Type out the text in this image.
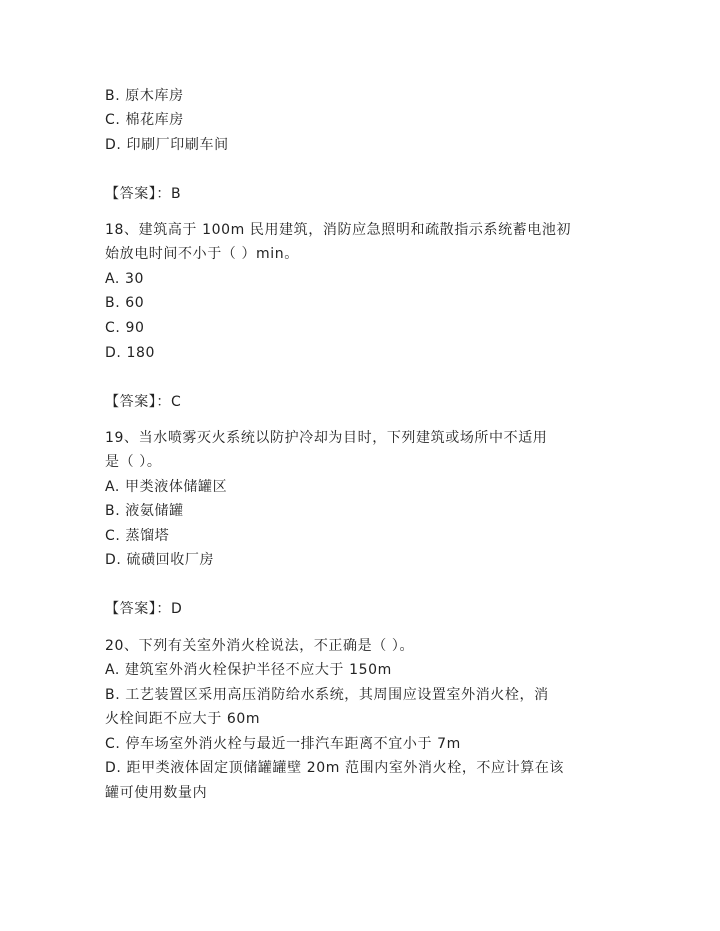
B. 原木库房
C. 棉花库房
D. 印刷厂印刷车间
【答案】：B
18、建筑高于 100m 民用建筑，消防应急照明和疏散指示系统蓄电池初
始放电时间不小于（ ）min。
A. 30
B. 60
C. 90
D. 180
【答案】：C
19、当水喷雾灭火系统以防护冷却为目时，下列建筑或场所中不适用
是（ ）。
A. 甲类液体储罐区
B. 液氨储罐
C. 蒸馏塔
D. 硫磺回收厂房
【答案】：D
20、下列有关室外消火栓说法，不正确是（ ）。
A. 建筑室外消火栓保护半径不应大于 150m
B. 工艺装置区采用高压消防给水系统，其周围应设置室外消火栓，消
火栓间距不应大于 60m
C. 停车场室外消火栓与最近一排汽车距离不宜小于 7m
D. 距甲类液体固定顶储罐罐壁 20m 范围内室外消火栓，不应计算在该
罐可使用数量内
